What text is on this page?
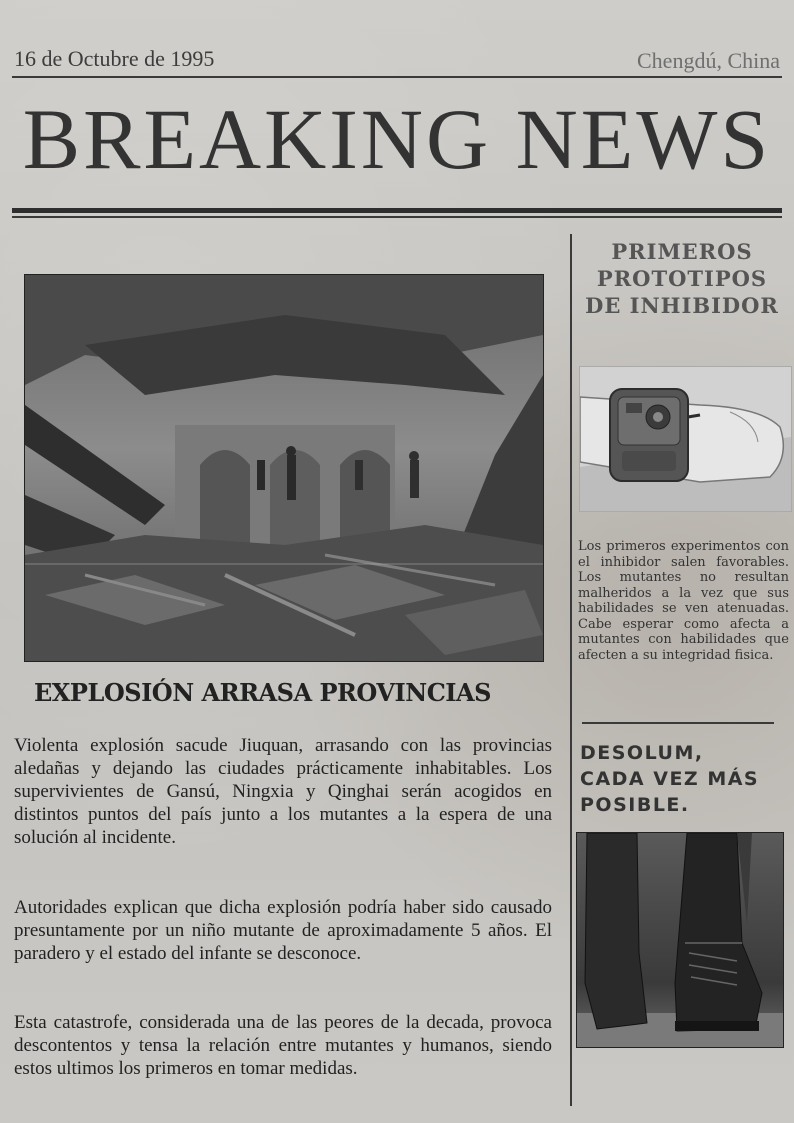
16 de Octubre de 1995	Chengdú, China
BREAKING NEWS
EXPLOSIÓN ARRASA PROVINCIAS
Violenta explosión sacude Jiuquan, arrasando con las provincias aledañas y dejando las ciudades prácticamente inhabitables. Los supervivientes de Gansú, Ningxia y Qinghai serán acogidos en distintos puntos del país junto a los mutantes a la espera de una solución al incidente.
Autoridades explican que dicha explosión podría haber sido causado presuntamente por un niño mutante de aproximadamente 5 años. El paradero y el estado del infante se desconoce.
Esta catastrofe, considerada una de las peores de la decada, provoca descontentos y tensa la relación entre mutantes y humanos, siendo estos ultimos los primeros en tomar medidas.
PRIMEROS PROTOTIPOS DE INHIBIDOR
Los primeros experimentos con el inhibidor salen favorables. Los mutantes no resultan malheridos a la vez que sus habilidades se ven atenuadas. Cabe esperar como afecta a mutantes con habilidades que afecten a su integridad fisica.
DESOLUM, CADA VEZ MÁS POSIBLE.
